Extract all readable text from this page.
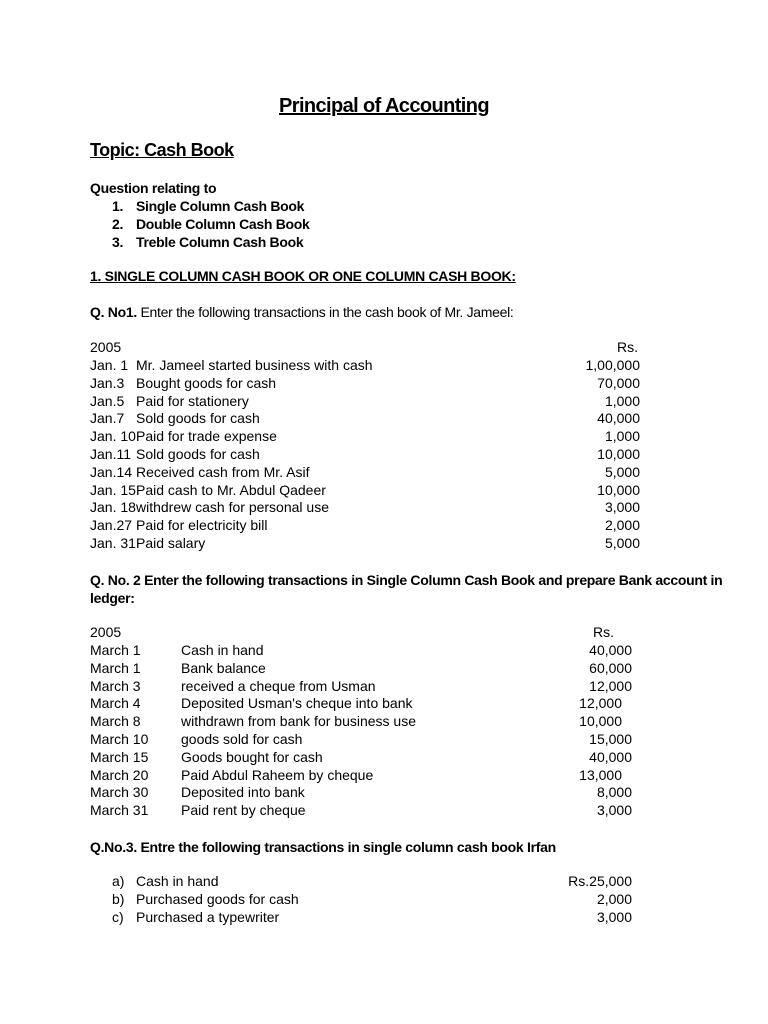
Principal of Accounting
Topic: Cash Book
Question relating to
1. Single Column Cash Book
2. Double Column Cash Book
3. Treble Column Cash Book
1. SINGLE COLUMN CASH BOOK OR ONE COLUMN CASH BOOK:
Q. No1. Enter the following transactions in the cash book of Mr. Jameel:
2005	Rs.
Jan. 1 Mr. Jameel started business with cash	1,00,000
Jan.3 Bought goods for cash	70,000
Jan.5 Paid for stationery	1,000
Jan.7 Sold goods for cash	40,000
Jan. 10 Paid for trade expense	1,000
Jan.11 Sold goods for cash	10,000
Jan.14 Received cash from Mr. Asif	5,000
Jan. 15 Paid cash to Mr. Abdul Qadeer	10,000
Jan. 18 withdrew cash for personal use	3,000
Jan.27 Paid for electricity bill	2,000
Jan. 31 Paid salary	5,000
Q. No. 2 Enter the following transactions in Single Column Cash Book and prepare Bank account in
ledger:
2005	Rs.
March 1	Cash in hand	40,000
March 1	Bank balance	60,000
March 3	received a cheque from Usman	12,000
March 4	Deposited Usman's cheque into bank	12,000
March 8	withdrawn from bank for business use	10,000
March 10 goods sold for cash	15,000
March 15 Goods bought for cash	40,000
March 20 Paid Abdul Raheem by cheque	13,000
March 30 Deposited into bank	8,000
March 31 Paid rent by cheque	3,000
Q.No.3. Entre the following transactions in single column cash book Irfan
a) Cash in hand	Rs.25,000
b) Purchased goods for cash	2,000
c) Purchased a typewriter	3,000
